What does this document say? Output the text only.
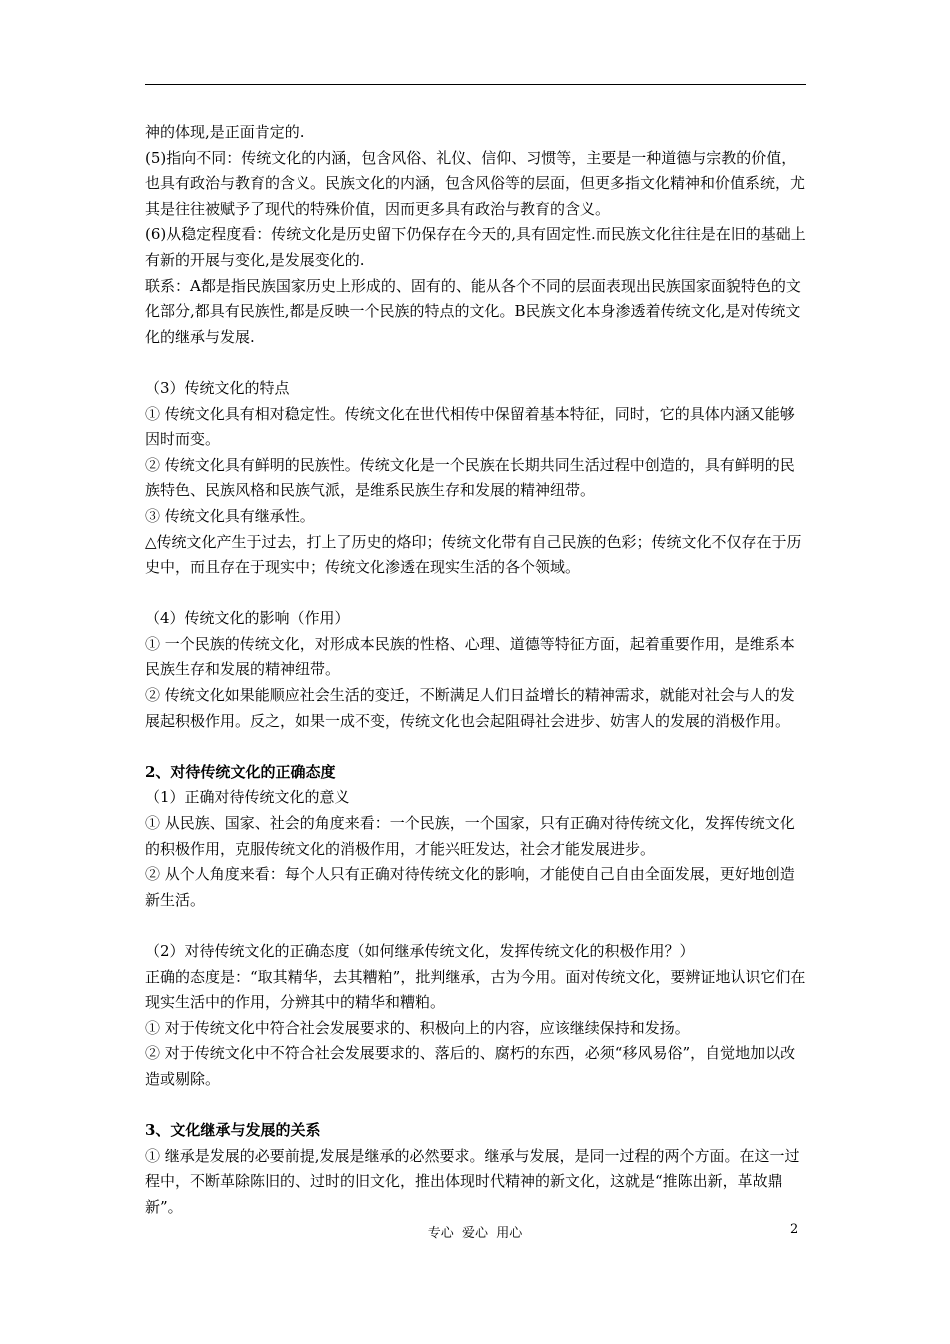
神的体现,是正面肯定的.

(5)指向不同：传统文化的内涵，包含风俗、礼仪、信仰、习惯等，主要是一种道德与宗教的价值，也具有政治与教育的含义。民族文化的内涵，包含风俗等的层面，但更多指文化精神和价值系统，尤其是往往被赋予了现代的特殊价值，因而更多具有政治与教育的含义。

(6)从稳定程度看：传统文化是历史留下仍保存在今天的,具有固定性.而民族文化往往是在旧的基础上有新的开展与变化,是发展变化的.

联系：A都是指民族国家历史上形成的、固有的、能从各个不同的层面表现出民族国家面貌特色的文化部分,都具有民族性,都是反映一个民族的特点的文化。B民族文化本身渗透着传统文化,是对传统文化的继承与发展.

（3）传统文化的特点

① 传统文化具有相对稳定性。传统文化在世代相传中保留着基本特征，同时，它的具体内涵又能够因时而变。

② 传统文化具有鲜明的民族性。传统文化是一个民族在长期共同生活过程中创造的，具有鲜明的民族特色、民族风格和民族气派，是维系民族生存和发展的精神纽带。

③ 传统文化具有继承性。

△传统文化产生于过去，打上了历史的烙印；传统文化带有自己民族的色彩；传统文化不仅存在于历史中，而且存在于现实中；传统文化渗透在现实生活的各个领域。

（4）传统文化的影响（作用）

① 一个民族的传统文化，对形成本民族的性格、心理、道德等特征方面，起着重要作用，是维系本民族生存和发展的精神纽带。

② 传统文化如果能顺应社会生活的变迁，不断满足人们日益增长的精神需求，就能对社会与人的发展起积极作用。反之，如果一成不变，传统文化也会起阻碍社会进步、妨害人的发展的消极作用。

2、对待传统文化的正确态度

（1）正确对待传统文化的意义

① 从民族、国家、社会的角度来看：一个民族，一个国家，只有正确对待传统文化，发挥传统文化的积极作用，克服传统文化的消极作用，才能兴旺发达，社会才能发展进步。

② 从个人角度来看：每个人只有正确对待传统文化的影响，才能使自己自由全面发展，更好地创造新生活。

（2）对待传统文化的正确态度（如何继承传统文化，发挥传统文化的积极作用？）

正确的态度是：“取其精华，去其糟粕”，批判继承，古为今用。面对传统文化，要辨证地认识它们在现实生活中的作用，分辨其中的精华和糟粕。

① 对于传统文化中符合社会发展要求的、积极向上的内容，应该继续保持和发扬。

② 对于传统文化中不符合社会发展要求的、落后的、腐朽的东西，必须“移风易俗”，自觉地加以改造或剔除。

3、文化继承与发展的关系

① 继承是发展的必要前提,发展是继承的必然要求。继承与发展，是同一过程的两个方面。在这一过程中，不断革除陈旧的、过时的旧文化，推出体现时代精神的新文化，这就是“推陈出新，革故鼎新”。

专心  爱心  用心	2
